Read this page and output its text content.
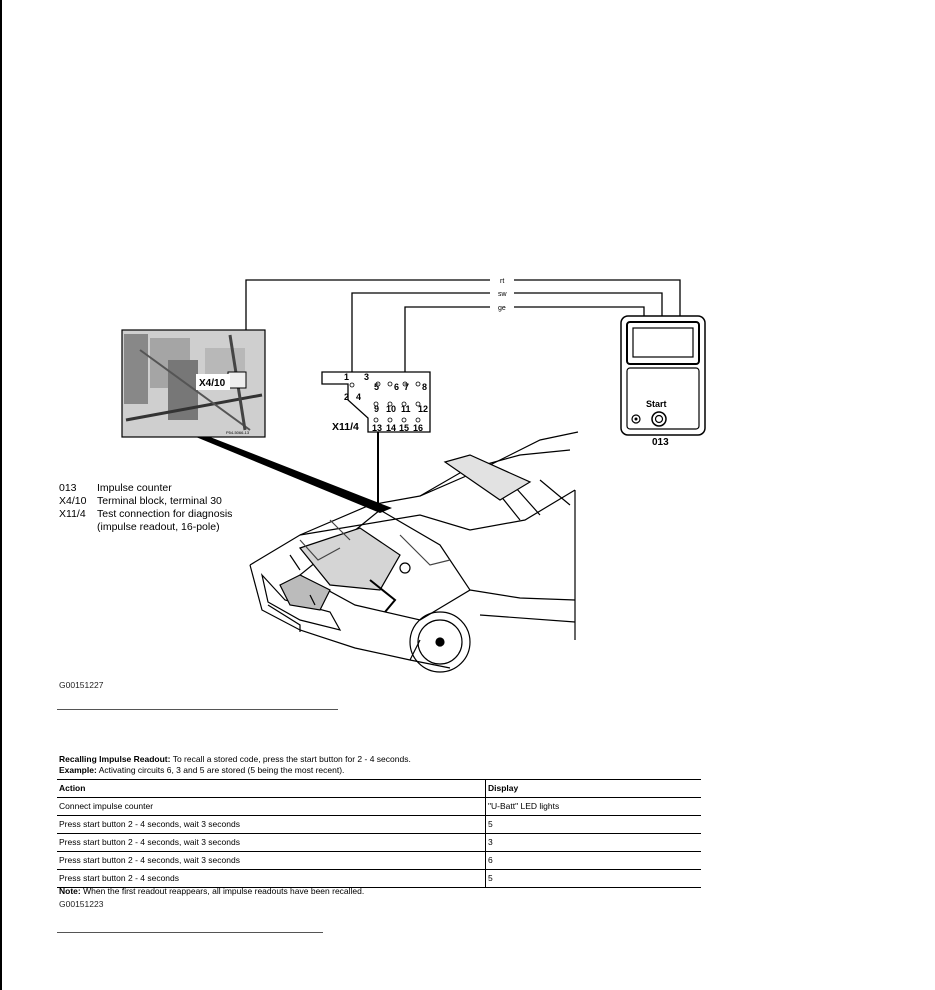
rt
sw
ge
X4/10
P54-5066-13
1 3
5 6 7 8
2 4
9 10 11 12
13 14 15 16
X11/4
Start
013
013	Impulse counter
X4/10	Terminal block, terminal 30
X11/4	Test connection for diagnosis
(impulse readout, 16-pole)
G00151227
Recalling Impulse Readout: To recall a stored code, press the start button for 2 - 4 seconds.
Example: Activating circuits 6, 3 and 5 are stored (5 being the most recent).
Action	Display
Connect impulse counter	"U-Batt" LED lights
Press start button 2 - 4 seconds, wait 3 seconds	5
Press start button 2 - 4 seconds, wait 3 seconds	3
Press start button 2 - 4 seconds, wait 3 seconds	6
Press start button 2 - 4 seconds	5
Note: When the first readout reappears, all impulse readouts have been recalled.
G00151223
